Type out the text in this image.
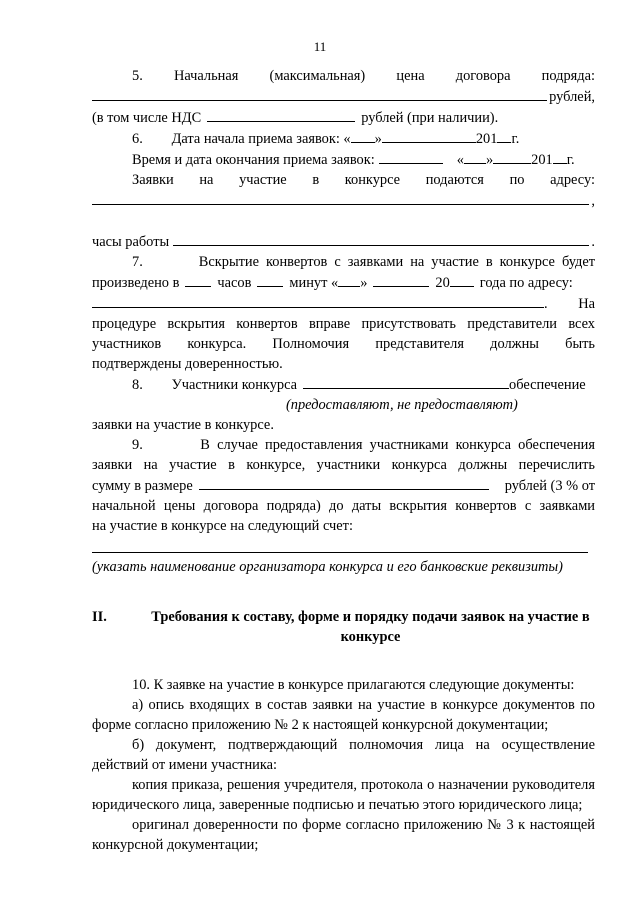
11
5. Начальная (максимальная) цена договора подряда:
рублей,
(в том числе НДС	рублей (при наличии).
6.        Дата начала приема заявок: « »	201 г.
Время и дата окончания приема заявок:	« »	201 г.
Заявки на участие в конкурсе подаются по адресу:
,
часы работы	.
7.        Вскрытие конвертов с заявками на участие в конкурсе будет
произведено в	часов	минут « »	20 года по адресу:
. На
процедуре вскрытия конвертов вправе присутствовать представители всех
участников конкурса. Полномочия представителя должны быть
подтверждены доверенностью.
8.        Участники конкурса	обеспечение
(предоставляют, не предоставляют)
заявки на участие в конкурсе.
9.        В случае предоставления участниками конкурса обеспечения
заявки на участие в конкурсе, участники конкурса должны перечислить
сумму в размере	рублей (3 % от
начальной цены договора подряда) до даты вскрытия конвертов с заявками
на участие в конкурсе на следующий счет:
(указать наименование организатора конкурса и его банковские реквизиты)
II.	Требования к составу, форме и порядку подачи заявок на участие в конкурсе
10. К заявке на участие в конкурсе прилагаются следующие документы:
а) опись входящих в состав заявки на участие в конкурсе документов по форме согласно приложению № 2 к настоящей конкурсной документации;
б) документ, подтверждающий полномочия лица на осуществление действий от имени участника:
копия приказа, решения учредителя, протокола о назначении руководителя юридического лица, заверенные подписью и печатью этого юридического лица;
оригинал доверенности по форме согласно приложению № 3 к настоящей конкурсной документации;
